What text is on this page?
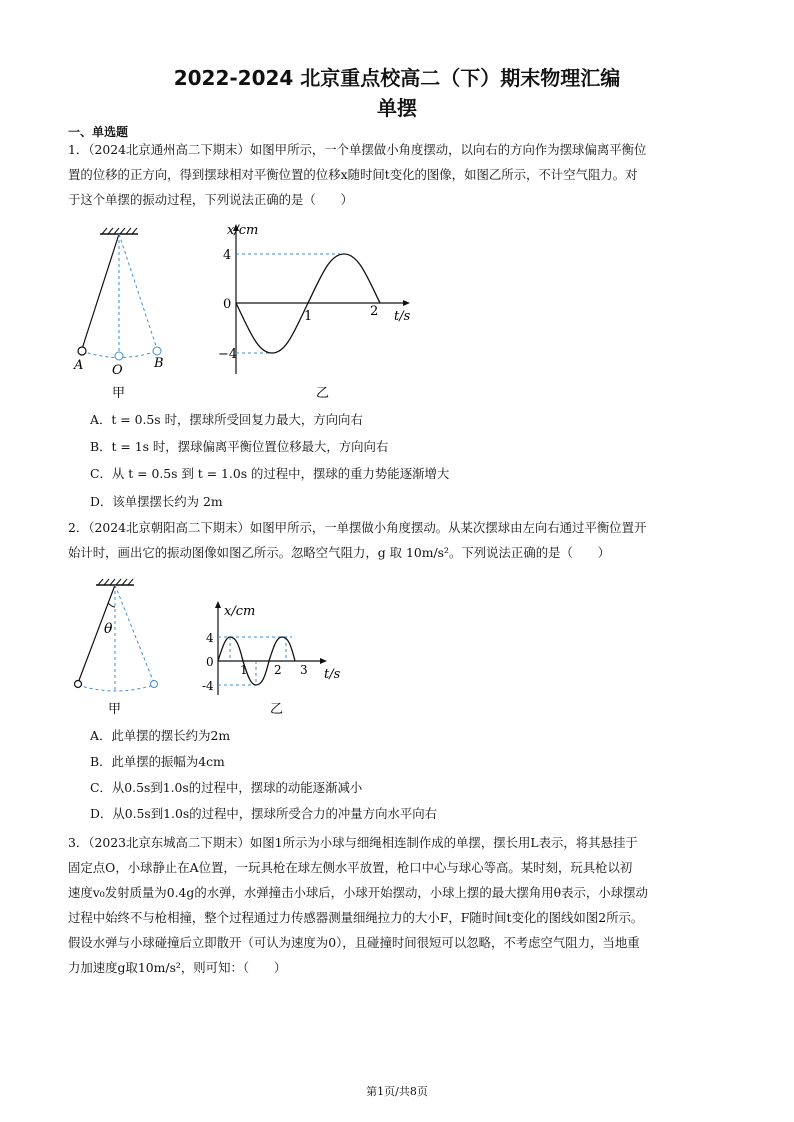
2022-2024 北京重点校高二（下）期末物理汇编
单摆
一、单选题
1．（2024北京通州高二下期末）如图甲所示，一个单摆做小角度摆动，以向右的方向作为摆球偏离平衡位
置的位移的正方向，得到摆球相对平衡位置的位移x随时间t变化的图像，如图乙所示，不计空气阻力。对
于这个单摆的振动过程，下列说法正确的是（　　）
A O B
甲
x/cm
4
0
−4
1	2 t/s
乙
A．t = 0.5s 时，摆球所受回复力最大，方向向右
B．t = 1s 时，摆球偏离平衡位置位移最大，方向向右
C．从 t = 0.5s 到 t = 1.0s 的过程中，摆球的重力势能逐渐增大
D．该单摆摆长约为 2m
2．（2024北京朝阳高二下期末）如图甲所示，一单摆做小角度摆动。从某次摆球由左向右通过平衡位置开
始计时，画出它的振动图像如图乙所示。忽略空气阻力，g 取 10m/s²。下列说法正确的是（　　）
θ
甲
x/cm
4
0
-4
1 2 3 t/s
乙
A．此单摆的摆长约为2m
B．此单摆的振幅为4cm
C．从0.5s到1.0s的过程中，摆球的动能逐渐减小
D．从0.5s到1.0s的过程中，摆球所受合力的冲量方向水平向右
3．（2023北京东城高二下期末）如图1所示为小球与细绳相连制作成的单摆，摆长用L表示，将其悬挂于
固定点O，小球静止在A位置，一玩具枪在球左侧水平放置，枪口中心与球心等高。某时刻，玩具枪以初
速度v₀发射质量为0.4g的水弹，水弹撞击小球后，小球开始摆动，小球上摆的最大摆角用θ表示，小球摆动
过程中始终不与枪相撞，整个过程通过力传感器测量细绳拉力的大小F，F随时间t变化的图线如图2所示。
假设水弹与小球碰撞后立即散开（可认为速度为0），且碰撞时间很短可以忽略，不考虑空气阻力，当地重
力加速度g取10m/s²，则可知：（　　）
第1页/共8页
